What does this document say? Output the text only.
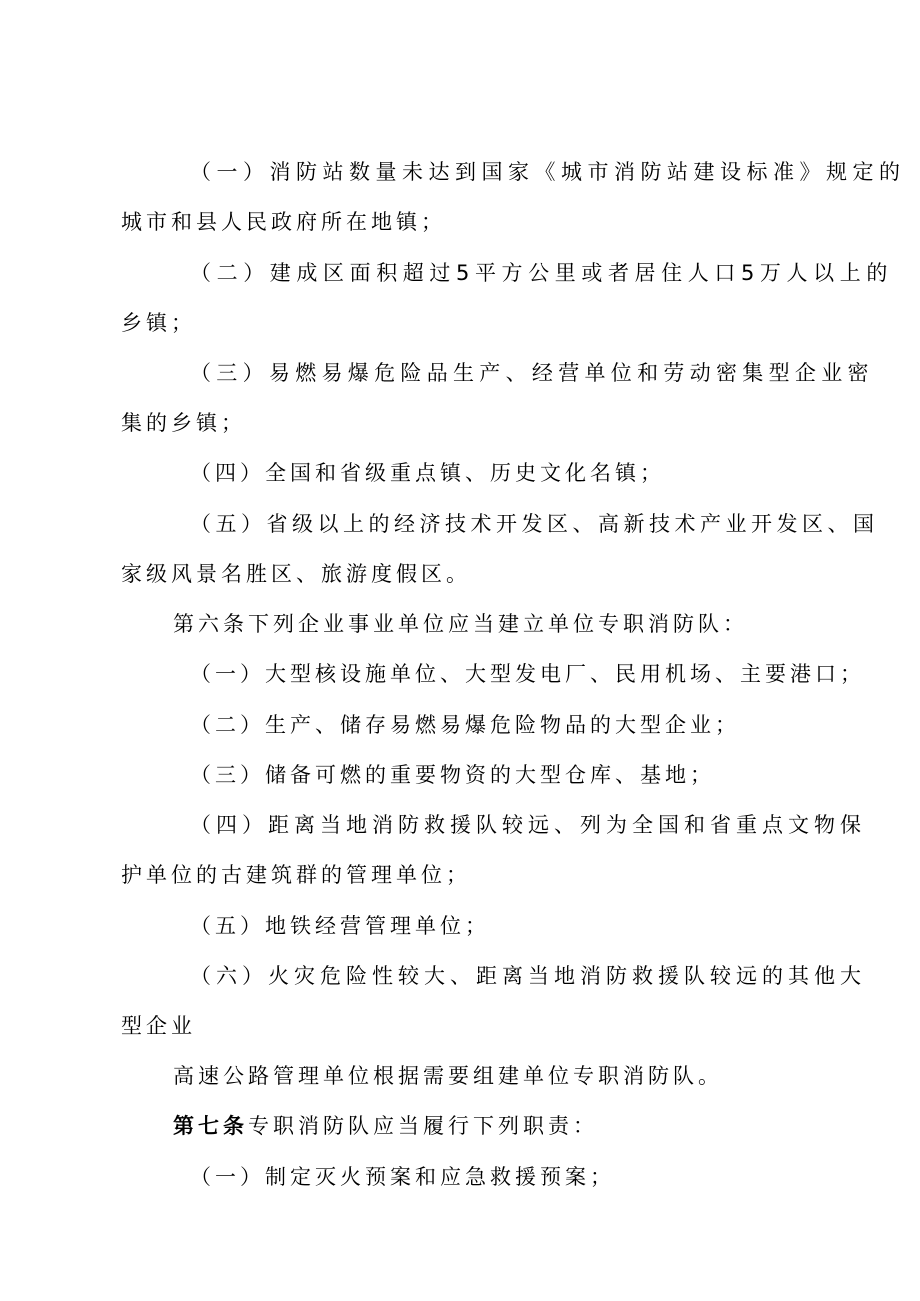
（一）消防站数量未达到国家《城市消防站建设标准》规定的
城市和县人民政府所在地镇；
（二）建成区面积超过5平方公里或者居住人口5万人以上的
乡镇；
（三）易燃易爆危险品生产、经营单位和劳动密集型企业密
集的乡镇；
（四）全国和省级重点镇、历史文化名镇；
（五）省级以上的经济技术开发区、高新技术产业开发区、国
家级风景名胜区、旅游度假区。
第六条下列企业事业单位应当建立单位专职消防队：
（一）大型核设施单位、大型发电厂、民用机场、主要港口；
（二）生产、储存易燃易爆危险物品的大型企业；
（三）储备可燃的重要物资的大型仓库、基地；
（四）距离当地消防救援队较远、列为全国和省重点文物保
护单位的古建筑群的管理单位；
（五）地铁经营管理单位；
（六）火灾危险性较大、距离当地消防救援队较远的其他大
型企业
高速公路管理单位根据需要组建单位专职消防队。
第七条专职消防队应当履行下列职责：
（一）制定灭火预案和应急救援预案；
